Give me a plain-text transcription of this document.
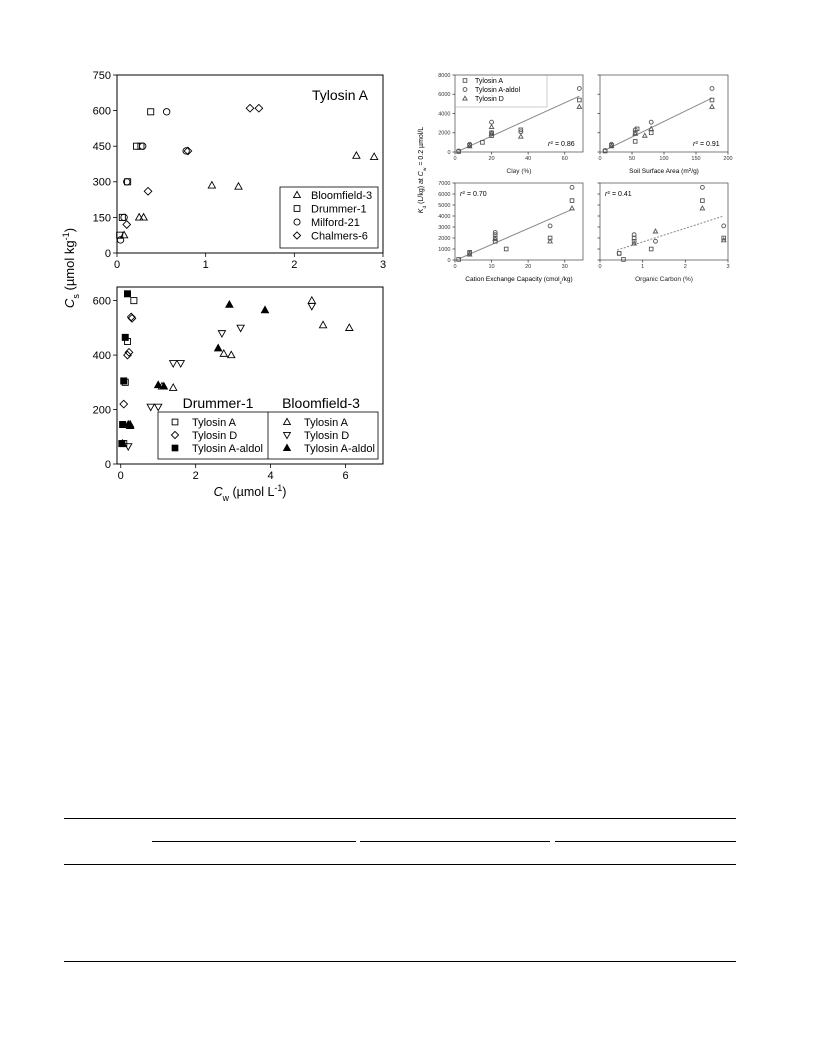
0	1	2	3
0
150
300
450
600
750
Tylosin A
Bloomfield-3
Drummer-1
Milford-21
Chalmers-6
0	2	4	6
0
200
400
600
Drummer-1 Bloomfield-3
Tylosin A
Tylosin D
Tylosin A-aldol
Tylosin A
Tylosin D
Tylosin A-aldol
0	20	40	60
0
2000
4000
6000
8000
Clay (%)
$r^2 = 0.86$
Tylosin A
Tylosin A-aldol
Tylosin D
0	50	100	150	200
Soil Surface Area $(m^2/g)$
$r^2 = 0.91$
0	10	20	30
0
1000
2000
3000
4000
5000
6000
7000
Cation Exchange Capacity (cmol$_c$/kg)
$r^2 = 0.70$
0	1	2	3
Organic Carbon (%)
$r^2 = 0.41$
$C_s$ (µmol $kg^{-1}$)
$C_w$ (µmol $L^{-1}$)
$K_d$ (L/kg) at $C_w = 0.2$ µmol/L
